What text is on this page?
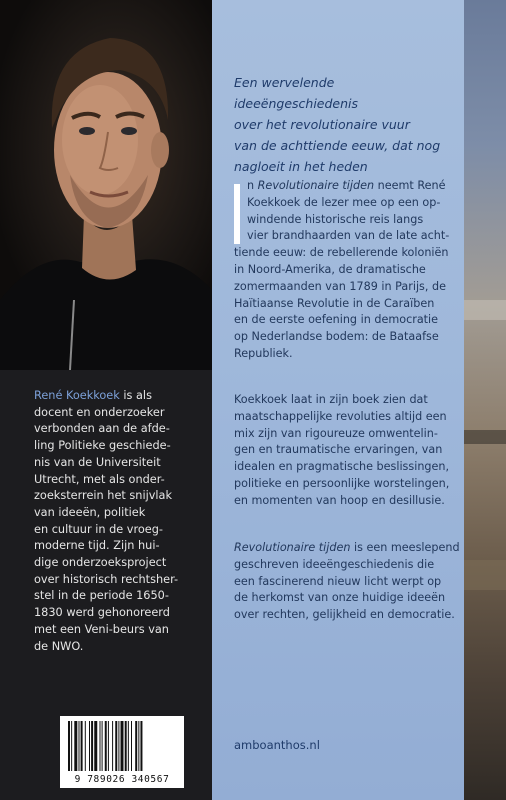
René Koekkoek is als
docent en onderzoeker
verbonden aan de afde-
ling Politieke geschiede-
nis van de Universiteit
Utrecht, met als onder-
zoeksterrein het snijvlak
van ideeën, politiek
en cultuur in de vroeg-
moderne tijd. Zijn hui-
dige onderzoeksproject
over historisch rechtsher-
stel in de periode 1650-
1830 werd gehonoreerd
met een Veni-beurs van
de NWO.
9 789026 340567
Een wervelende ideeëngeschiedenis
over het revolutionaire vuur
van de achttiende eeuw, dat nog
nagloeit in het heden
n Revolutionaire tijden neemt René
Koekkoek de lezer mee op een op-
windende historische reis langs
vier brandhaarden van de late acht-
tiende eeuw: de rebellerende koloniën
in Noord-Amerika, de dramatische
zomermaanden van 1789 in Parijs, de
Haïtiaanse Revolutie in de Caraïben
en de eerste oefening in democratie
op Nederlandse bodem: de Bataafse
Republiek.
Koekkoek laat in zijn boek zien dat
maatschappelijke revoluties altijd een
mix zijn van rigoureuze omwentelin-
gen en traumatische ervaringen, van
idealen en pragmatische beslissingen,
politieke en persoonlijke worstelingen,
en momenten van hoop en desillusie.
Revolutionaire tijden is een meeslepend
geschreven ideeëngeschiedenis die
een fascinerend nieuw licht werpt op
de herkomst van onze huidige ideeën
over rechten, gelijkheid en democratie.
amboanthos.nl
